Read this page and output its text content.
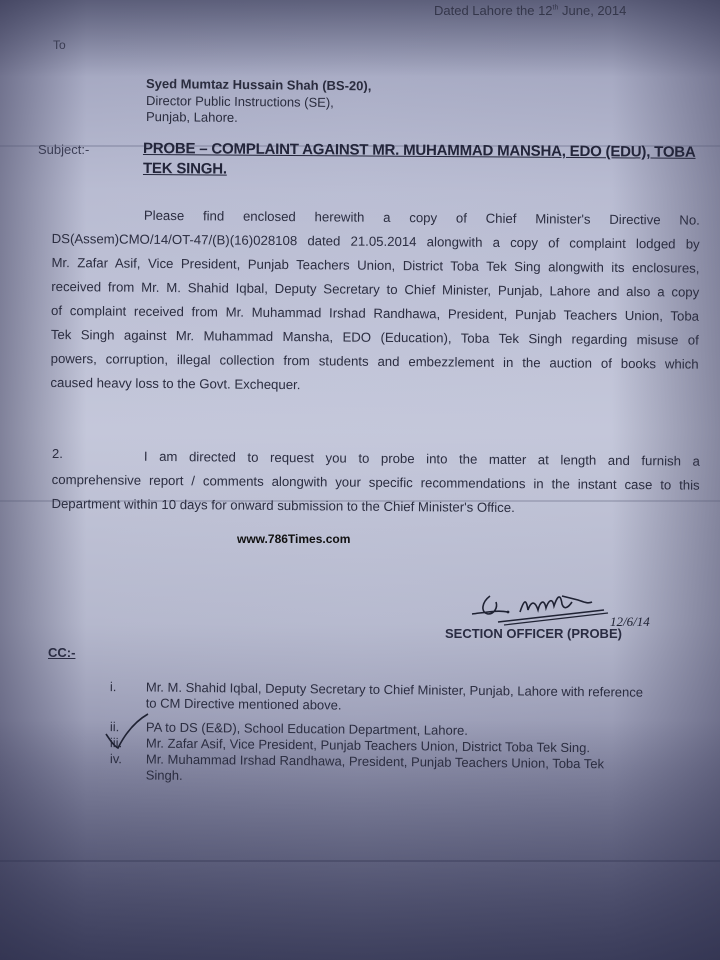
Dated Lahore the 12th June, 2014
To
Syed Mumtaz Hussain Shah (BS-20),
Director Public Instructions (SE),
Punjab, Lahore.
Subject:-	PROBE – COMPLAINT AGAINST MR. MUHAMMAD MANSHA, EDO (EDU), TOBA
TEK SINGH.
Please find enclosed herewith a copy of Chief Minister's Directive No.
DS(Assem)CMO/14/OT-47/(B)(16)028108 dated 21.05.2014 alongwith a copy of complaint lodged by
Mr. Zafar Asif, Vice President, Punjab Teachers Union, District Toba Tek Sing alongwith its enclosures,
received from Mr. M. Shahid Iqbal, Deputy Secretary to Chief Minister, Punjab, Lahore and also a copy
of complaint received from Mr. Muhammad Irshad Randhawa, President, Punjab Teachers Union, Toba
Tek Singh against Mr. Muhammad Mansha, EDO (Education), Toba Tek Singh regarding misuse of
powers, corruption, illegal collection from students and embezzlement in the auction of books which
caused heavy loss to the Govt. Exchequer.
2.	I am directed to request you to probe into the matter at length and furnish a
comprehensive report / comments alongwith your specific recommendations in the instant case to this
Department within 10 days for onward submission to the Chief Minister's Office.
www.786Times.com
12/6/14
SECTION OFFICER (PROBE)
CC:-
i.	Mr. M. Shahid Iqbal, Deputy Secretary to Chief Minister, Punjab, Lahore with reference
to CM Directive mentioned above.
ii.	PA to DS (E&D), School Education Department, Lahore.
iii.	Mr. Zafar Asif, Vice President, Punjab Teachers Union, District Toba Tek Sing.
iv.	Mr. Muhammad Irshad Randhawa, President, Punjab Teachers Union, Toba Tek
Singh.
